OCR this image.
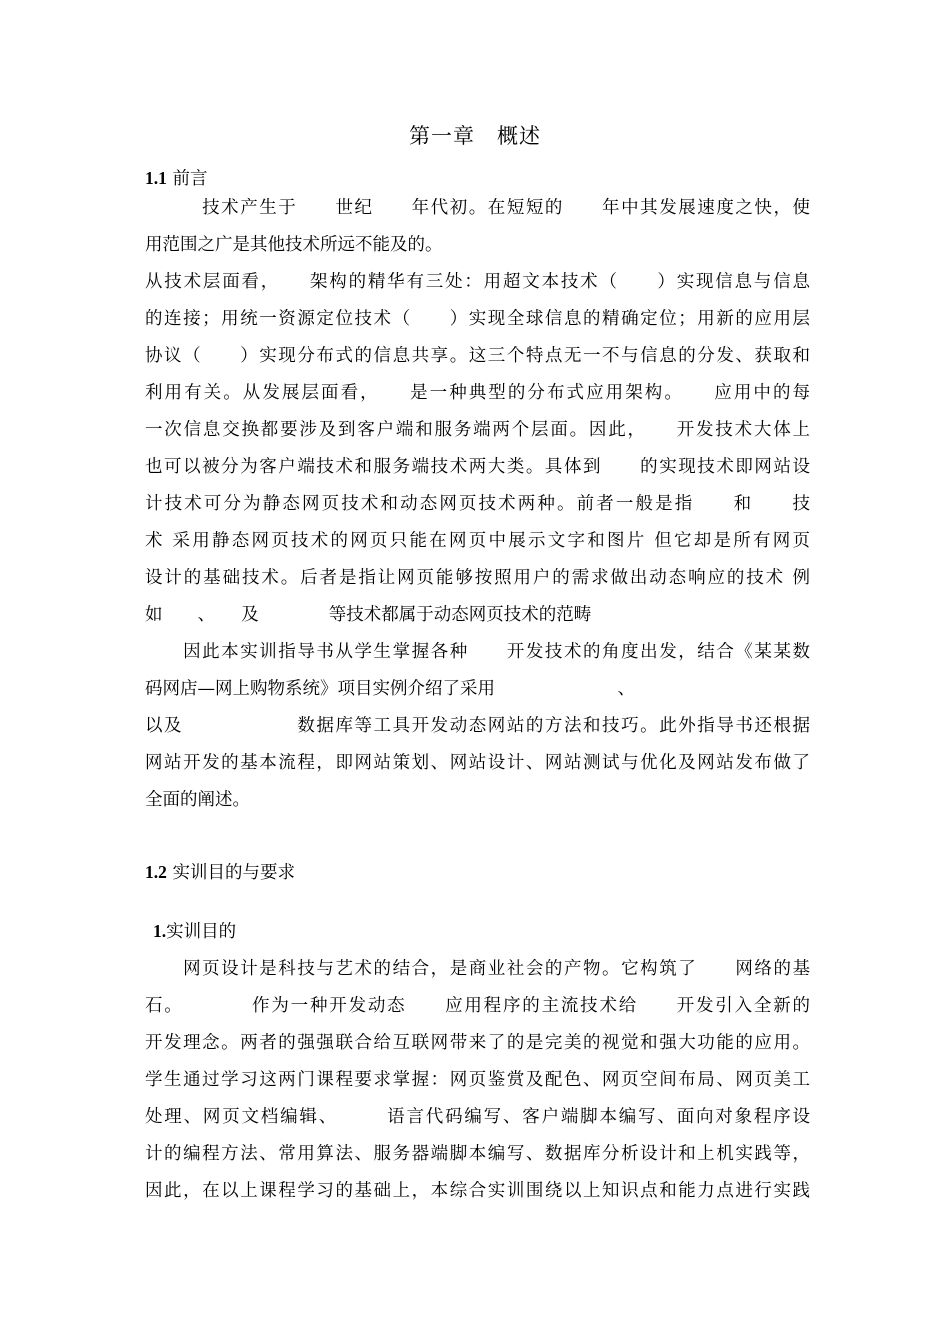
第一章　概述
1.1 前言
　　　技术产生于　　世纪　　年代初。在短短的　　年中其发展速度之快，使
用范围之广是其他技术所远不能及的。
从技术层面看，　　架构的精华有三处：用超文本技术（　　）实现信息与信息
的连接；用统一资源定位技术（　　）实现全球信息的精确定位；用新的应用层
协议（　　）实现分布式的信息共享。这三个特点无一不与信息的分发、获取和
利用有关。从发展层面看，　　是一种典型的分布式应用架构。　　应用中的每
一次信息交换都要涉及到客户端和服务端两个层面。因此，　　开发技术大体上
也可以被分为客户端技术和服务端技术两大类。具体到　　的实现技术即网站设
计技术可分为静态网页技术和动态网页技术两种。前者一般是指　　和　　技
术 采用静态网页技术的网页只能在网页中展示文字和图片 但它却是所有网页
设计的基础技术。后者是指让网页能够按照用户的需求做出动态响应的技术 例
如　　、　　及　　　　等技术都属于动态网页技术的范畴
　　因此本实训指导书从学生掌握各种　　开发技术的角度出发，结合《某某数
码网店—网上购物系统》项目实例介绍了采用　　　　　　　、
以及　　　　　　数据库等工具开发动态网站的方法和技巧。此外指导书还根据
网站开发的基本流程，即网站策划、网站设计、网站测试与优化及网站发布做了
全面的阐述。
1.2 实训目的与要求
1.实训目的
　　网页设计是科技与艺术的结合，是商业社会的产物。它构筑了　　网络的基
石。　　　　作为一种开发动态　　应用程序的主流技术给　　开发引入全新的
开发理念。两者的强强联合给互联网带来了的是完美的视觉和强大功能的应用。
学生通过学习这两门课程要求掌握：网页鉴赏及配色、网页空间布局、网页美工
处理、网页文档编辑、　　　语言代码编写、客户端脚本编写、面向对象程序设
计的编程方法、常用算法、服务器端脚本编写、数据库分析设计和上机实践等，
因此，在以上课程学习的基础上，本综合实训围绕以上知识点和能力点进行实践
